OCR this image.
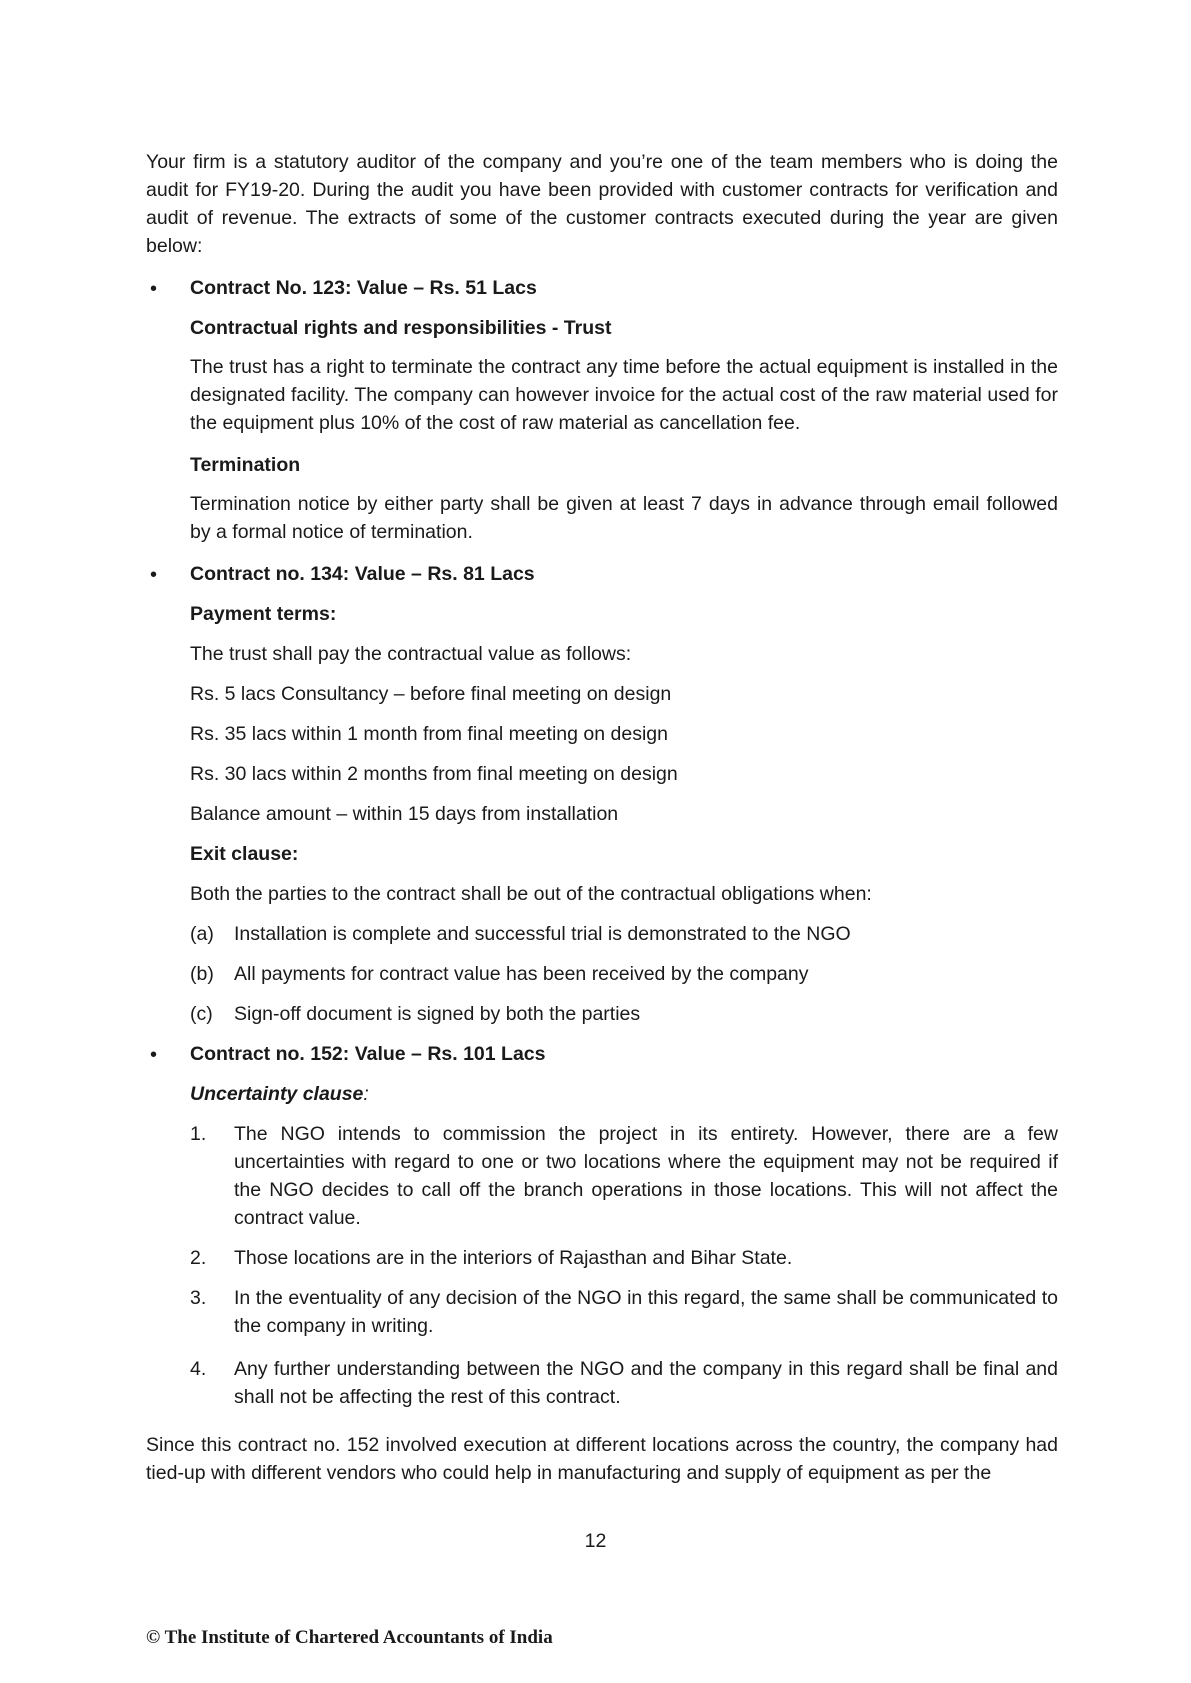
Your firm is a statutory auditor of the company and you’re one of the team members who is doing the audit for FY19-20. During the audit you have been provided with customer contracts for verification and audit of revenue. The extracts of some of the customer contracts executed during the year are given below:
• Contract No. 123: Value – Rs. 51 Lacs
Contractual rights and responsibilities - Trust
The trust has a right to terminate the contract any time before the actual equipment is installed in the designated facility. The company can however invoice for the actual cost of the raw material used for the equipment plus 10% of the cost of raw material as cancellation fee.
Termination
Termination notice by either party shall be given at least 7 days in advance through email followed by a formal notice of termination.
• Contract no. 134: Value – Rs. 81 Lacs
Payment terms:
The trust shall pay the contractual value as follows:
Rs. 5 lacs Consultancy – before final meeting on design
Rs. 35 lacs within 1 month from final meeting on design
Rs. 30 lacs within 2 months from final meeting on design
Balance amount – within 15 days from installation
Exit clause:
Both the parties to the contract shall be out of the contractual obligations when:
(a) Installation is complete and successful trial is demonstrated to the NGO
(b) All payments for contract value has been received by the company
(c) Sign-off document is signed by both the parties
• Contract no. 152: Value – Rs. 101 Lacs
Uncertainty clause:
1.	The NGO intends to commission the project in its entirety. However, there are a few uncertainties with regard to one or two locations where the equipment may not be required if the NGO decides to call off the branch operations in those locations. This will not affect the contract value.
2.	Those locations are in the interiors of Rajasthan and Bihar State.
3.	In the eventuality of any decision of the NGO in this regard, the same shall be communicated to the company in writing.
4.	Any further understanding between the NGO and the company in this regard shall be final and shall not be affecting the rest of this contract.
Since this contract no. 152 involved execution at different locations across the country, the company had tied-up with different vendors who could help in manufacturing and supply of equipment as per the
12
© The Institute of Chartered Accountants of India
